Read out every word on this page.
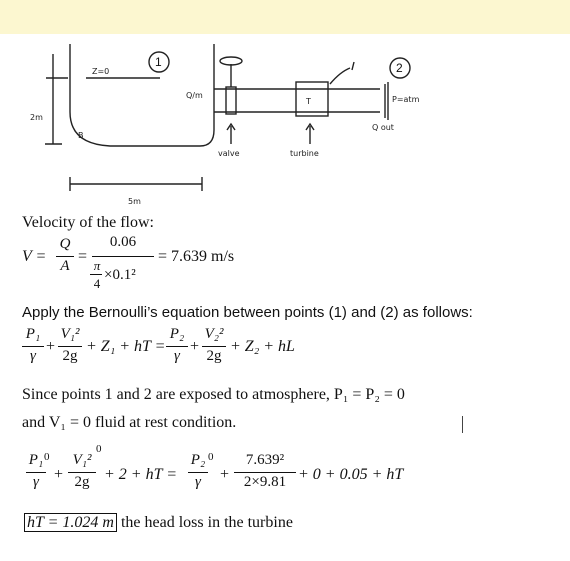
1	2
B
2m
Z=0
Q/m
T
valve	turbine
P=atm
Q out
5m
Velocity of the flow:
V =
Q
A
=
0.06
π
4
×0.1²
= 7.639 m/s
Apply the Bernoulli’s equation between points (1) and (2) as follows:
P₁
γ
+
V₁²
2g
+ Z₁ + hT =
P₂
γ
+
V₂²
2g
+ Z₂ + hL
Since points 1 and 2 are exposed to atmosphere, P₁ = P₂ = 0
and V₁ = 0 fluid at rest condition.
P₁
γ
0
+
V₁²
2g
0
+ 2 + hT =
P₂
γ
0
+
7.639²
2×9.81 + 0 + 0.05 + hT
hT = 1.024 m the head loss in the turbine
